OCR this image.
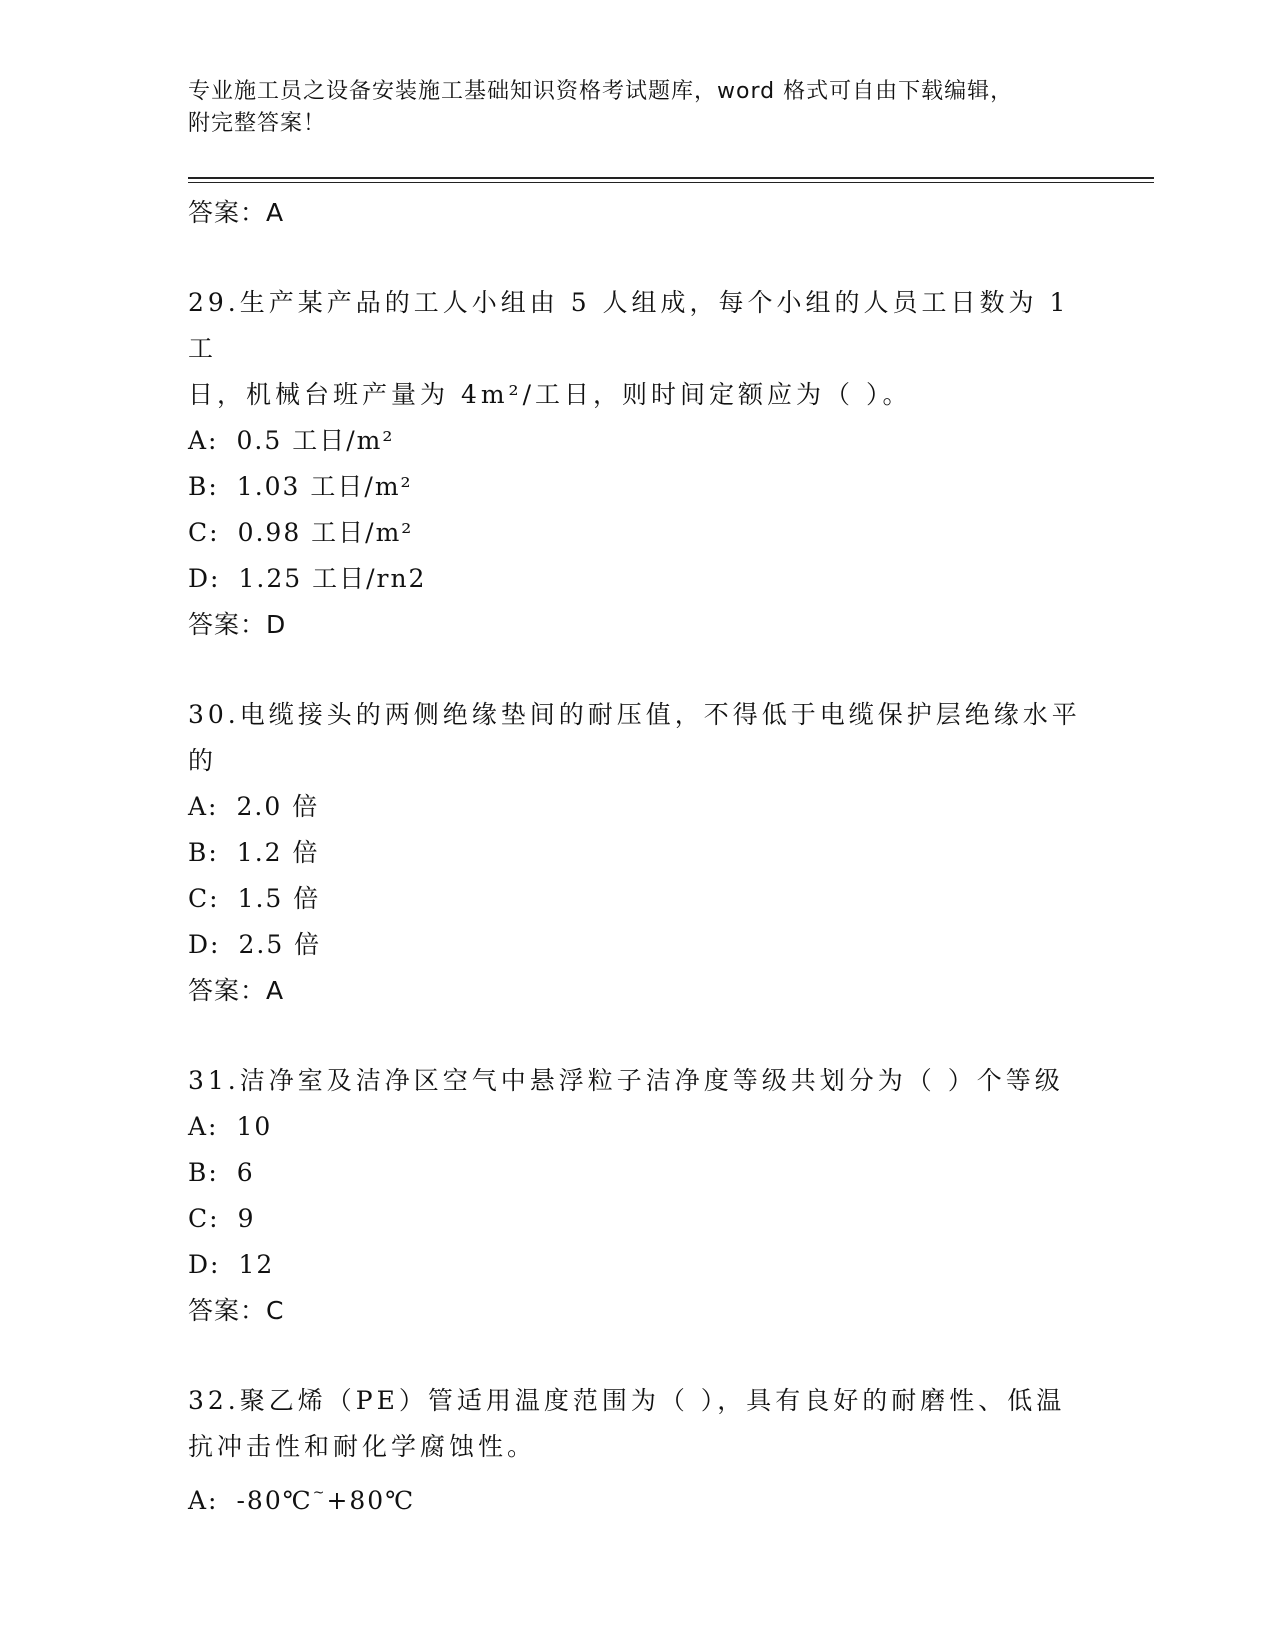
专业施工员之设备安装施工基础知识资格考试题库，word 格式可自由下载编辑，
附完整答案！
答案：A
29.生产某产品的工人小组由 5 人组成，每个小组的人员工日数为 1 工
日，机械台班产量为 4m²/工日，则时间定额应为（ ）。
A: 0.5 工日/m²
B: 1.03 工日/m²
C: 0.98 工日/m²
D: 1.25 工日/rn2
答案：D
30.电缆接头的两侧绝缘垫间的耐压值，不得低于电缆保护层绝缘水平
的
A: 2.0 倍
B: 1.2 倍
C: 1.5 倍
D: 2.5 倍
答案：A
31.洁净室及洁净区空气中悬浮粒子洁净度等级共划分为（ ）个等级
A: 10
B: 6
C: 9
D: 12
答案：C
32.聚乙烯（PE）管适用温度范围为（ ），具有良好的耐磨性、低温
抗冲击性和耐化学腐蚀性。
A: -80℃~+80℃
